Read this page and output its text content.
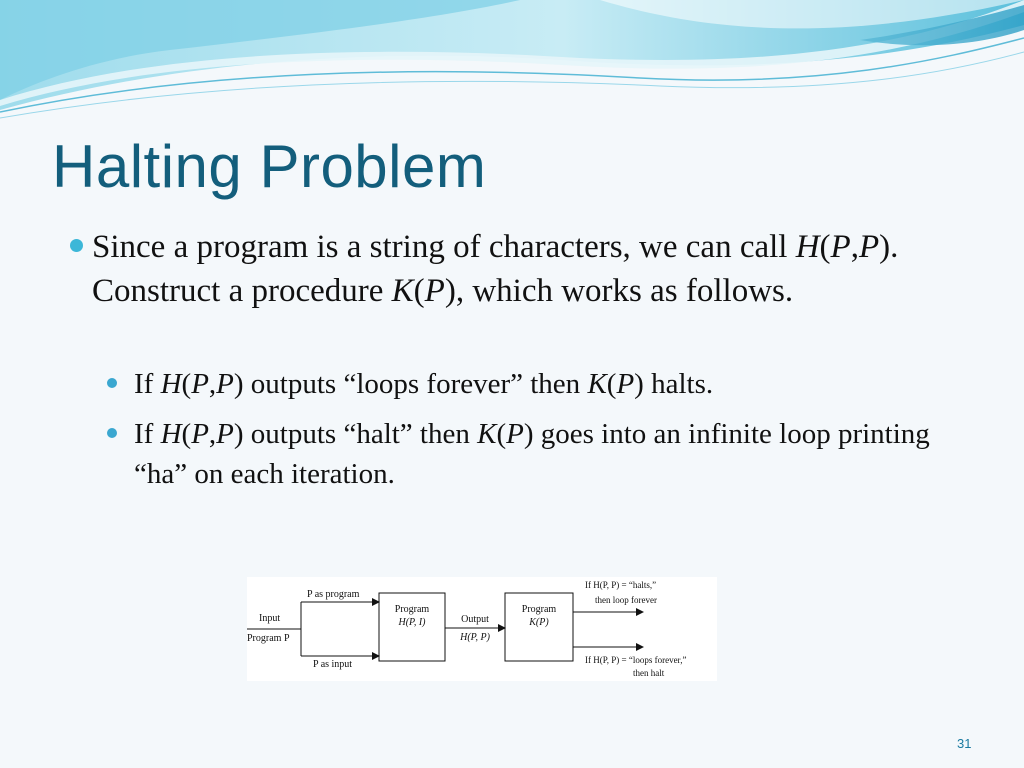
Halting Problem
Since a program is a string of characters, we can call H(P,P). Construct a procedure K(P), which works as follows.
If H(P,P) outputs “loops forever” then K(P) halts.
If H(P,P) outputs “halt” then K(P) goes into an infinite loop printing “ha” on each iteration.
Input
Program P
P as program
P as input
Program
H(P, I)	Output
H(P, P)
Program
K(P)
If H(P, P) = “halts,”
then loop forever
If H(P, P) = “loops forever,”
then halt
31
